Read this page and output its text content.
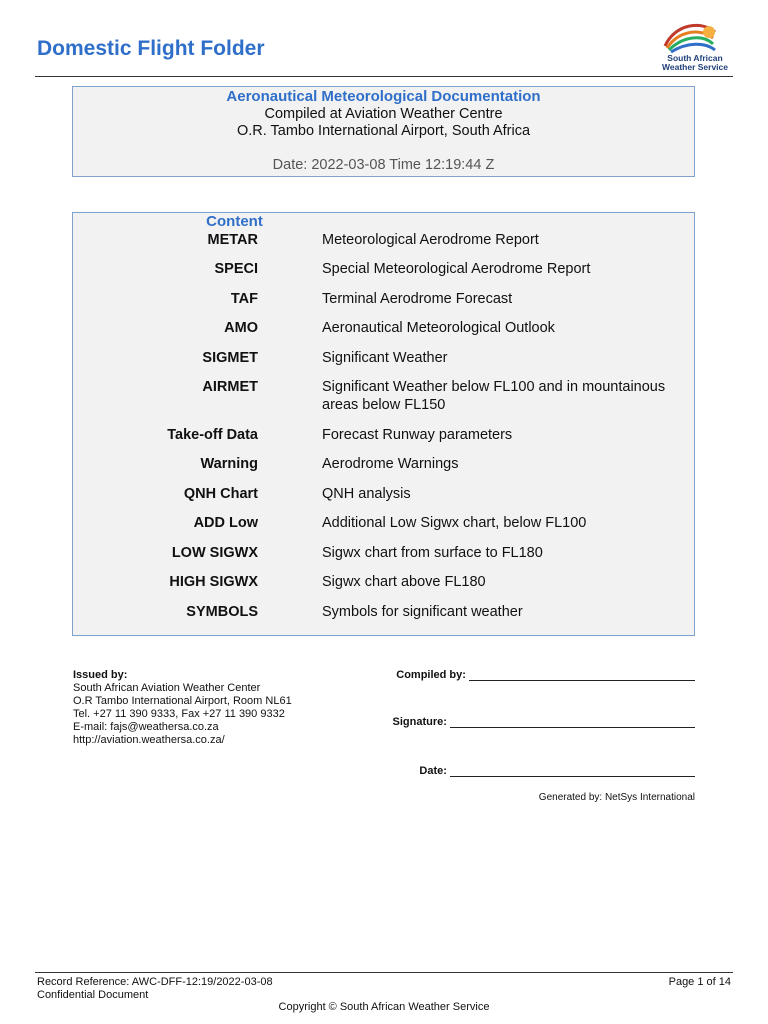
Domestic Flight Folder	South African
Weather Service
Aeronautical Meteorological Documentation
Compiled at Aviation Weather Centre
O.R. Tambo International Airport, South Africa
Date: 2022-03-08 Time 12:19:44 Z
Content
METAR	Meteorological Aerodrome Report
SPECI	Special Meteorological Aerodrome Report
TAF	Terminal Aerodrome Forecast
AMO	Aeronautical Meteorological Outlook
SIGMET	Significant Weather
AIRMET	Significant Weather below FL100 and in mountainous areas below FL150
Take-off Data	Forecast Runway parameters
Warning	Aerodrome Warnings
QNH Chart	QNH analysis
ADD Low	Additional Low Sigwx chart, below FL100
LOW SIGWX	Sigwx chart from surface to FL180
HIGH SIGWX	Sigwx chart above FL180
SYMBOLS	Symbols for significant weather
Issued by:
South African Aviation Weather Center
O.R Tambo International Airport, Room NL61
Tel. +27 11 390 9333, Fax +27 11 390 9332
E-mail: fajs@weathersa.co.za
http://aviation.weathersa.co.za/
Compiled by:
Signature:
Date:
Generated by: NetSys International
Record Reference: AWC-DFF-12:19/2022-03-08
Confidential Document
Page 1 of 14
Copyright © South African Weather Service
